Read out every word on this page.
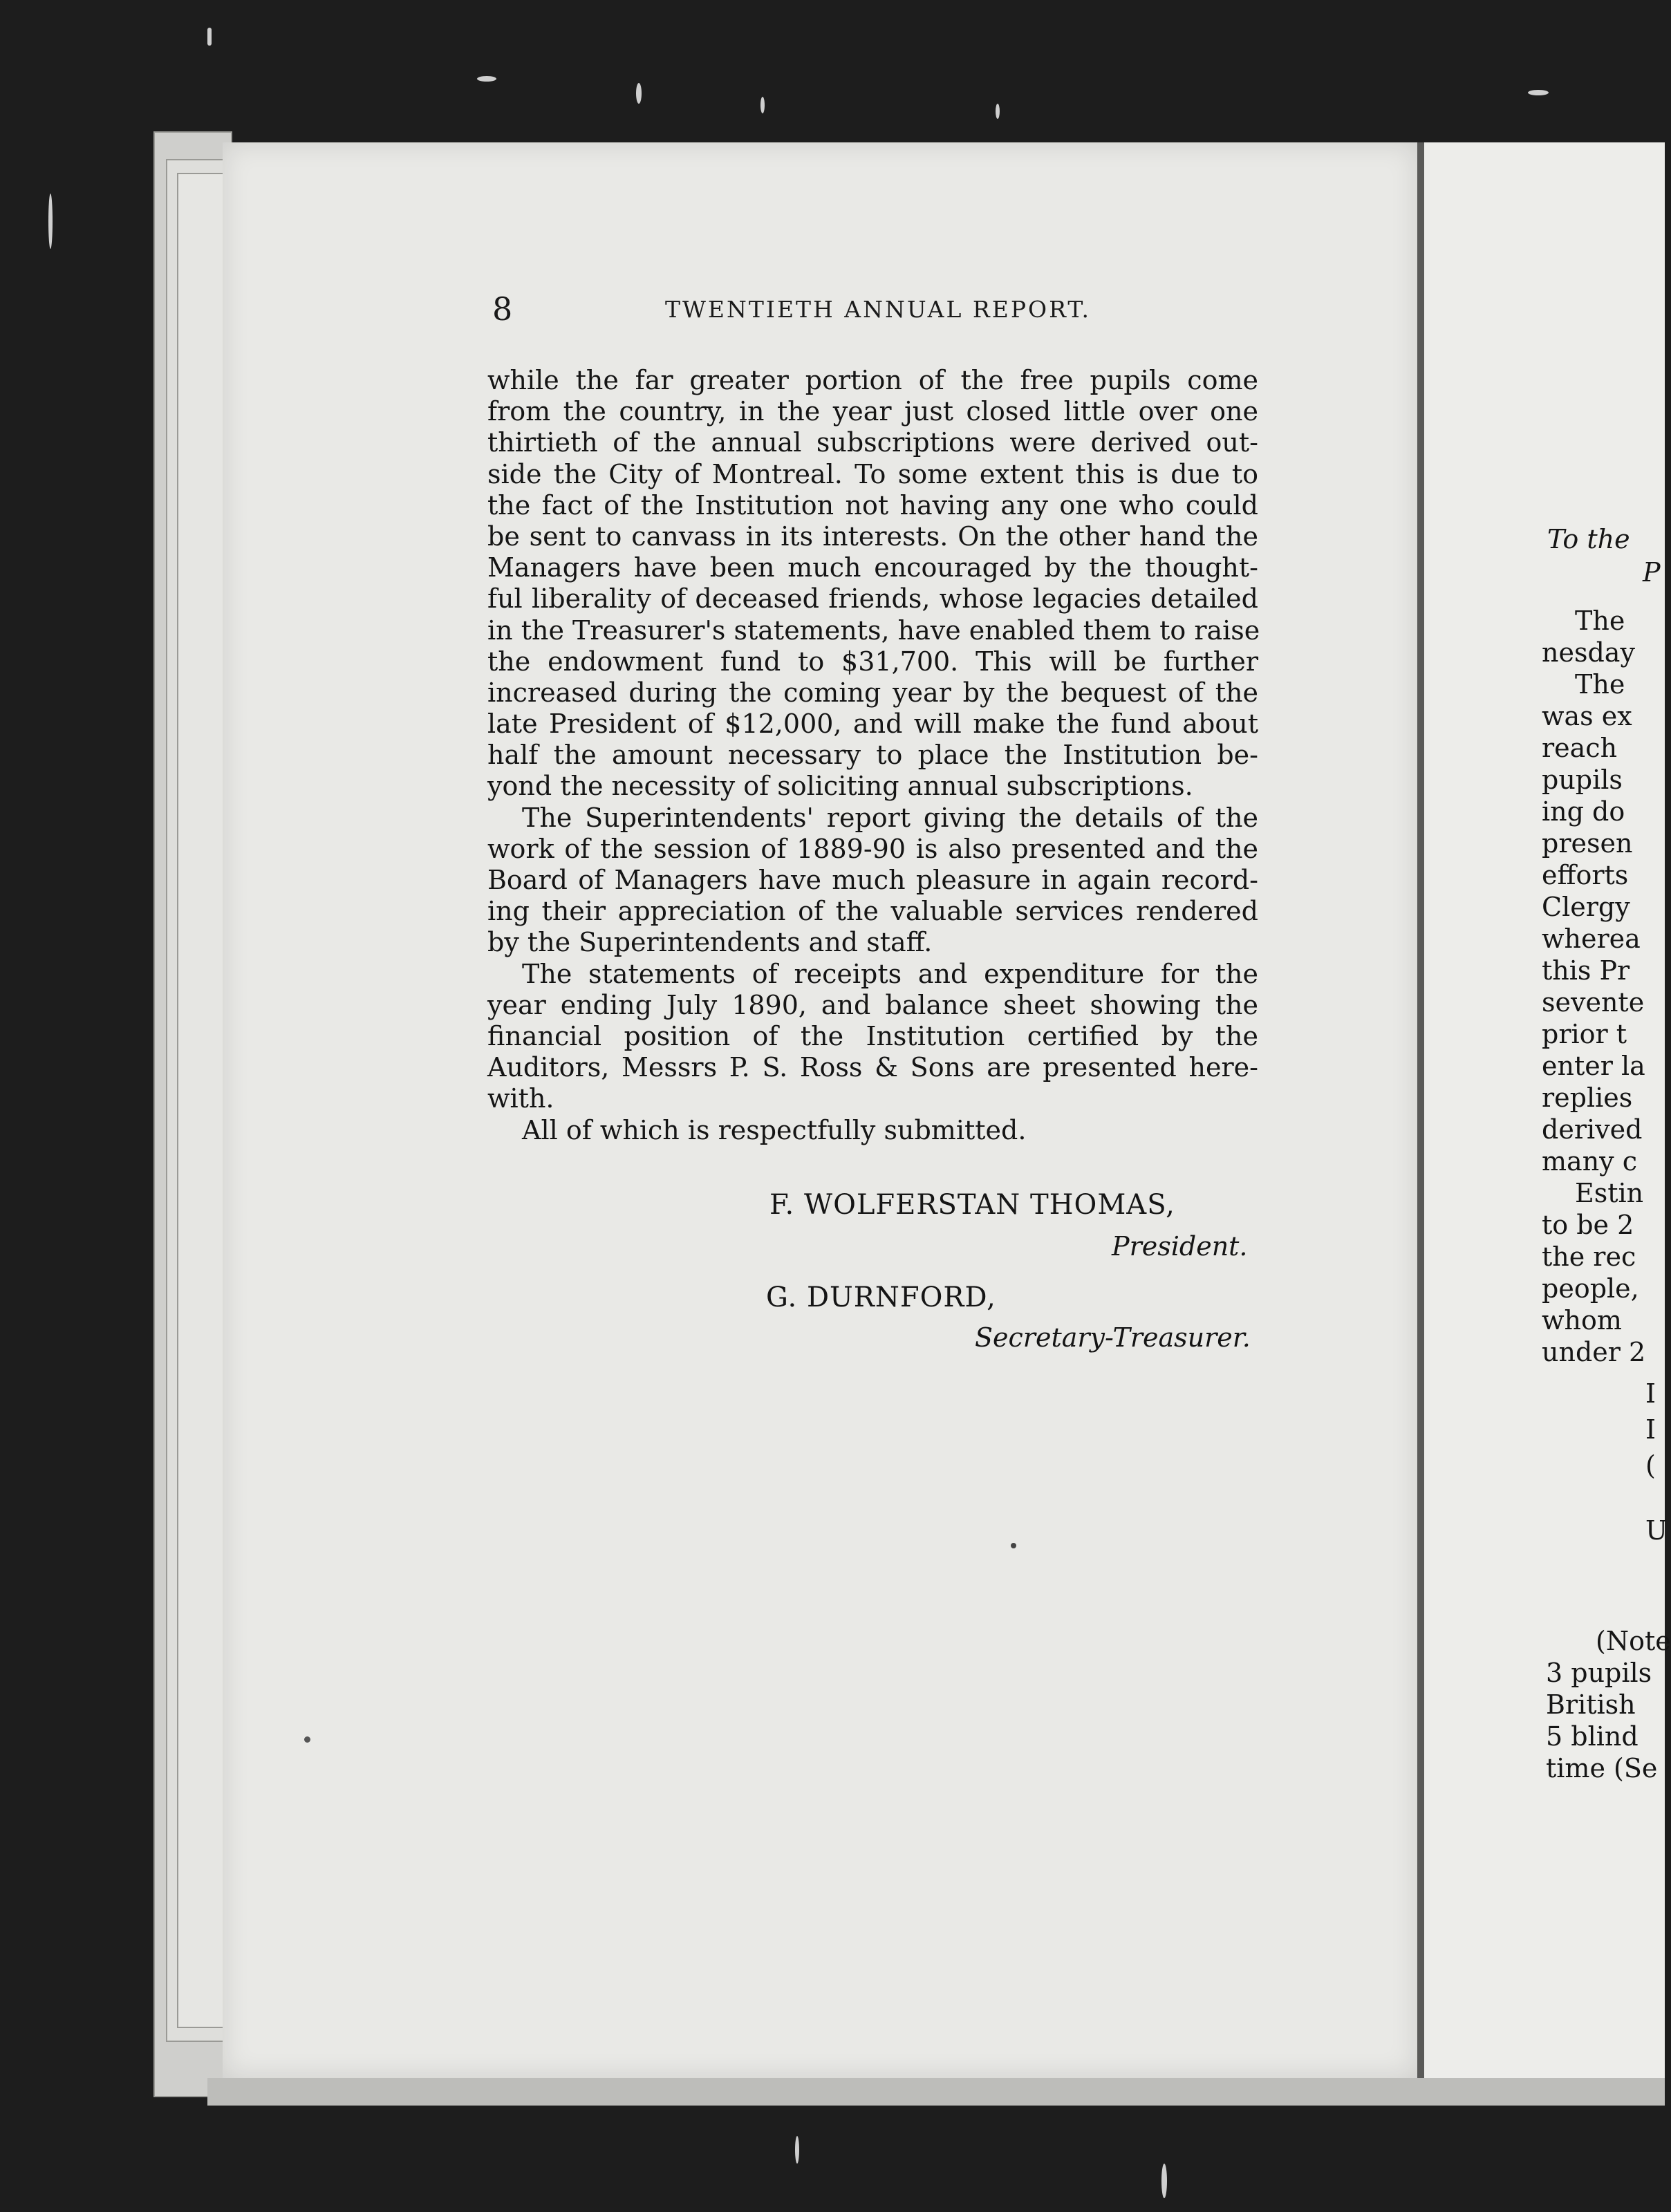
8	TWENTIETH ANNUAL REPORT.
while the far greater portion of the free pupils come
from the country, in the year just closed little over one
thirtieth of the annual subscriptions were derived out-
side the City of Montreal. To some extent this is due to
the fact of the Institution not having any one who could
be sent to canvass in its interests. On the other hand the
Managers have been much encouraged by the thought-
ful liberality of deceased friends, whose legacies detailed
in the Treasurer's statements, have enabled them to raise
the endowment fund to $31,700. This will be further
increased during the coming year by the bequest of the
late President of $12,000, and will make the fund about
half the amount necessary to place the Institution be-
yond the necessity of soliciting annual subscriptions.
The Superintendents' report giving the details of the
work of the session of 1889-90 is also presented and the
Board of Managers have much pleasure in again record-
ing their appreciation of the valuable services rendered
by the Superintendents and staff.
The statements of receipts and expenditure for the
year ending July 1890, and balance sheet showing the
financial position of the Institution certified by the
Auditors, Messrs P. S. Ross & Sons are presented here-
with.
All of which is respectfully submitted.
F. WOLFERSTAN THOMAS,
President.
G. DURNFORD,
Secretary-Treasurer.
To the
P
The
nesday
The
was ex
reach
pupils
ing do
presen
efforts
Clergy
wherea
this Pr
sevente
prior t
enter la
replies
derived
many c
Estin
to be 2
the rec
people,
whom
under 2
I
I
(
U
(Note
3 pupils
British
5 blind
time (Se
